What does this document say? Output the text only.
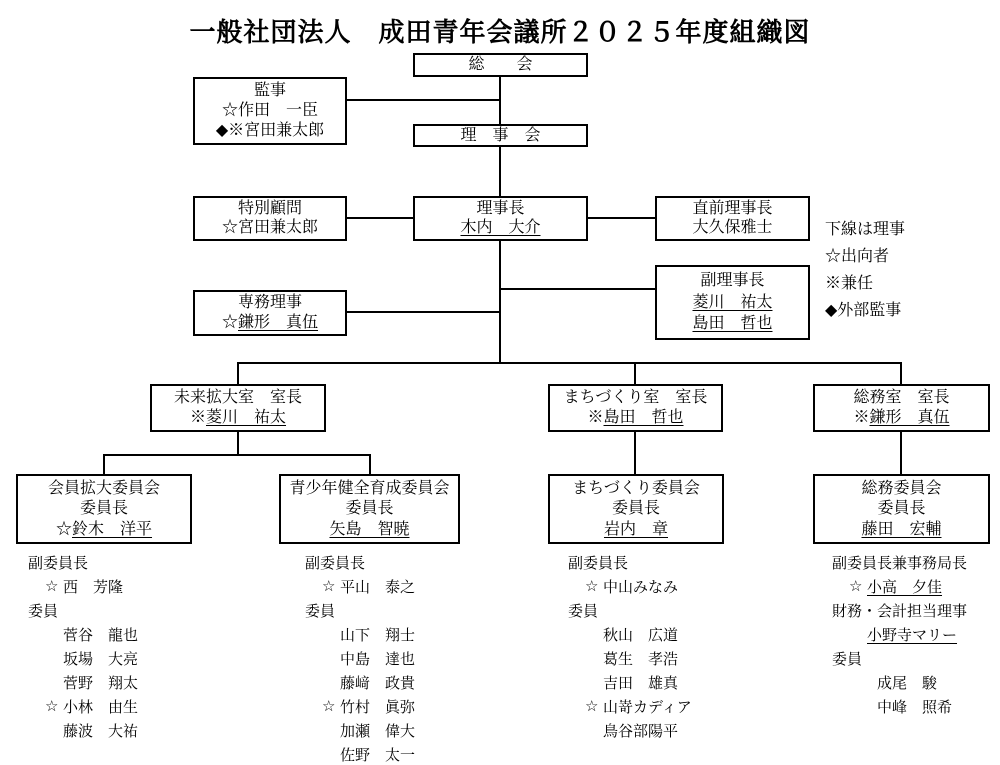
一般社団法人　成田青年会議所２０２５年度組織図
総　　会
監事
☆作田　一臣
◆※宮田兼太郎	理　事　会
特別顧問
☆宮田兼太郎
理事長
木内　大介
直前理事長
大久保雅士
副理事長
菱川　祐太
島田　哲也
専務理事
☆鎌形　真伍
下線は理事
☆出向者
※兼任
◆外部監事
未来拡大室　室長
※菱川　祐太
まちづくり室　室長
※島田　哲也
総務室　室長
※鎌形　真伍
会員拡大委員会
委員長
☆鈴木　洋平
青少年健全育成委員会
委員長
矢島　智暁
まちづくり委員会
委員長
岩内　章
総務委員会
委員長
藤田　宏輔
副委員長
☆ 西　芳隆
委員
菅谷　龍也
坂場　大亮
菅野　翔太
☆ 小林　由生
藤波　大祐
副委員長
☆ 平山　泰之
委員
山下　翔士
中島　達也
藤﨑　政貴
☆ 竹村　眞弥
加瀬　偉大
佐野　太一
副委員長
☆ 中山みなみ
委員
秋山　広道
葛生　孝浩
吉田　雄真
☆ 山嵜カディア
鳥谷部陽平
副委員長兼事務局長
☆ 小高　夕佳
財務・会計担当理事
小野寺マリー
委員
成尾　駿
中峰　照希
